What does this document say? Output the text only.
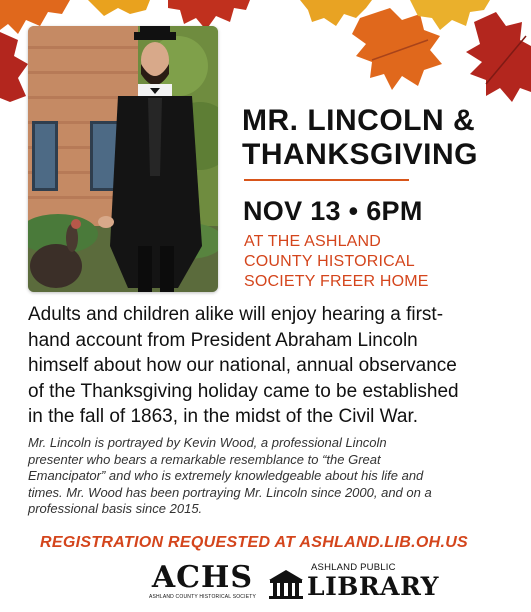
MR. LINCOLN &
THANKSGIVING
NOV 13 • 6PM
AT THE ASHLAND
COUNTY HISTORICAL
SOCIETY FREER HOME
Adults and children alike will enjoy hearing a first-
hand account from President Abraham Lincoln
himself about how our national, annual observance
of the Thanksgiving holiday came to be established
in the fall of 1863, in the midst of the Civil War.
Mr. Lincoln is portrayed by Kevin Wood, a professional Lincoln
presenter who bears a remarkable resemblance to “the Great
Emancipator” and who is extremely knowledgeable about his life and
times. Mr. Wood has been portraying Mr. Lincoln since 2000, and on a
professional basis since 2015.
REGISTRATION REQUESTED AT ASHLAND.LIB.OH.US
ACHS
ASHLAND COUNTY HISTORICAL SOCIETY
ASHLAND PUBLIC
LIBRARY
